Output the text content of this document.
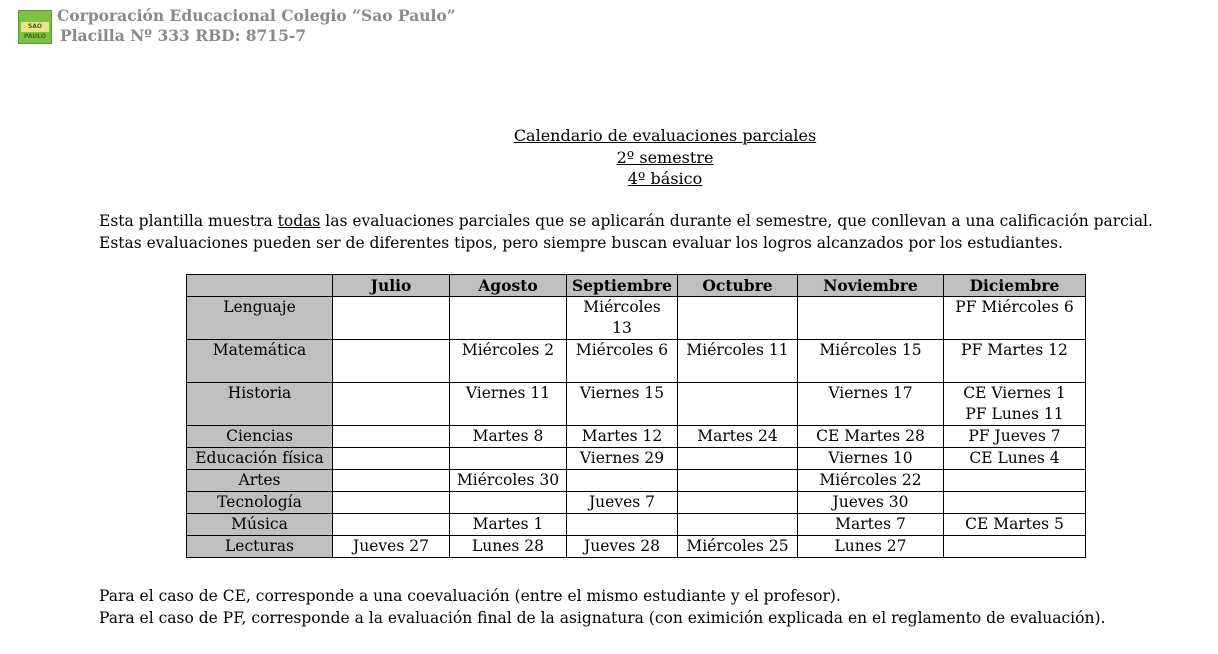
SAO PAULO
Corporación Educacional Colegio “Sao Paulo”
Placilla Nº 333 RBD: 8715-7
Calendario de evaluaciones parciales
2º semestre
4º básico
Esta plantilla muestra todas las evaluaciones parciales que se aplicarán durante el semestre, que conllevan a una calificación parcial. Estas evaluaciones pueden ser de diferentes tipos, pero siempre buscan evaluar los logros alcanzados por los estudiantes.
	Julio	Agosto	Septiembre	Octubre	Noviembre	Diciembre
Lenguaje			Miércoles 13			PF Miércoles 6

Matemática		Miércoles 2	Miércoles 6	Miércoles 11	Miércoles 15	PF Martes 12

Historia		Viernes 11	Viernes 15		Viernes 17	CE Viernes 1
PF Lunes 11

Ciencias		Martes 8	Martes 12	Martes 24	CE Martes 28	PF Jueves 7

Educación física			Viernes 29		Viernes 10	CE Lunes 4

Artes		Miércoles 30			Miércoles 22	

Tecnología			Jueves 7		Jueves 30	

Música		Martes 1			Martes 7	CE Martes 5

Lecturas	Jueves 27	Lunes 28	Jueves 28	Miércoles 25	Lunes 27	

Para el caso de CE, corresponde a una coevaluación (entre el mismo estudiante y el profesor).
Para el caso de PF, corresponde a la evaluación final de la asignatura (con eximición explicada en el reglamento de evaluación).
